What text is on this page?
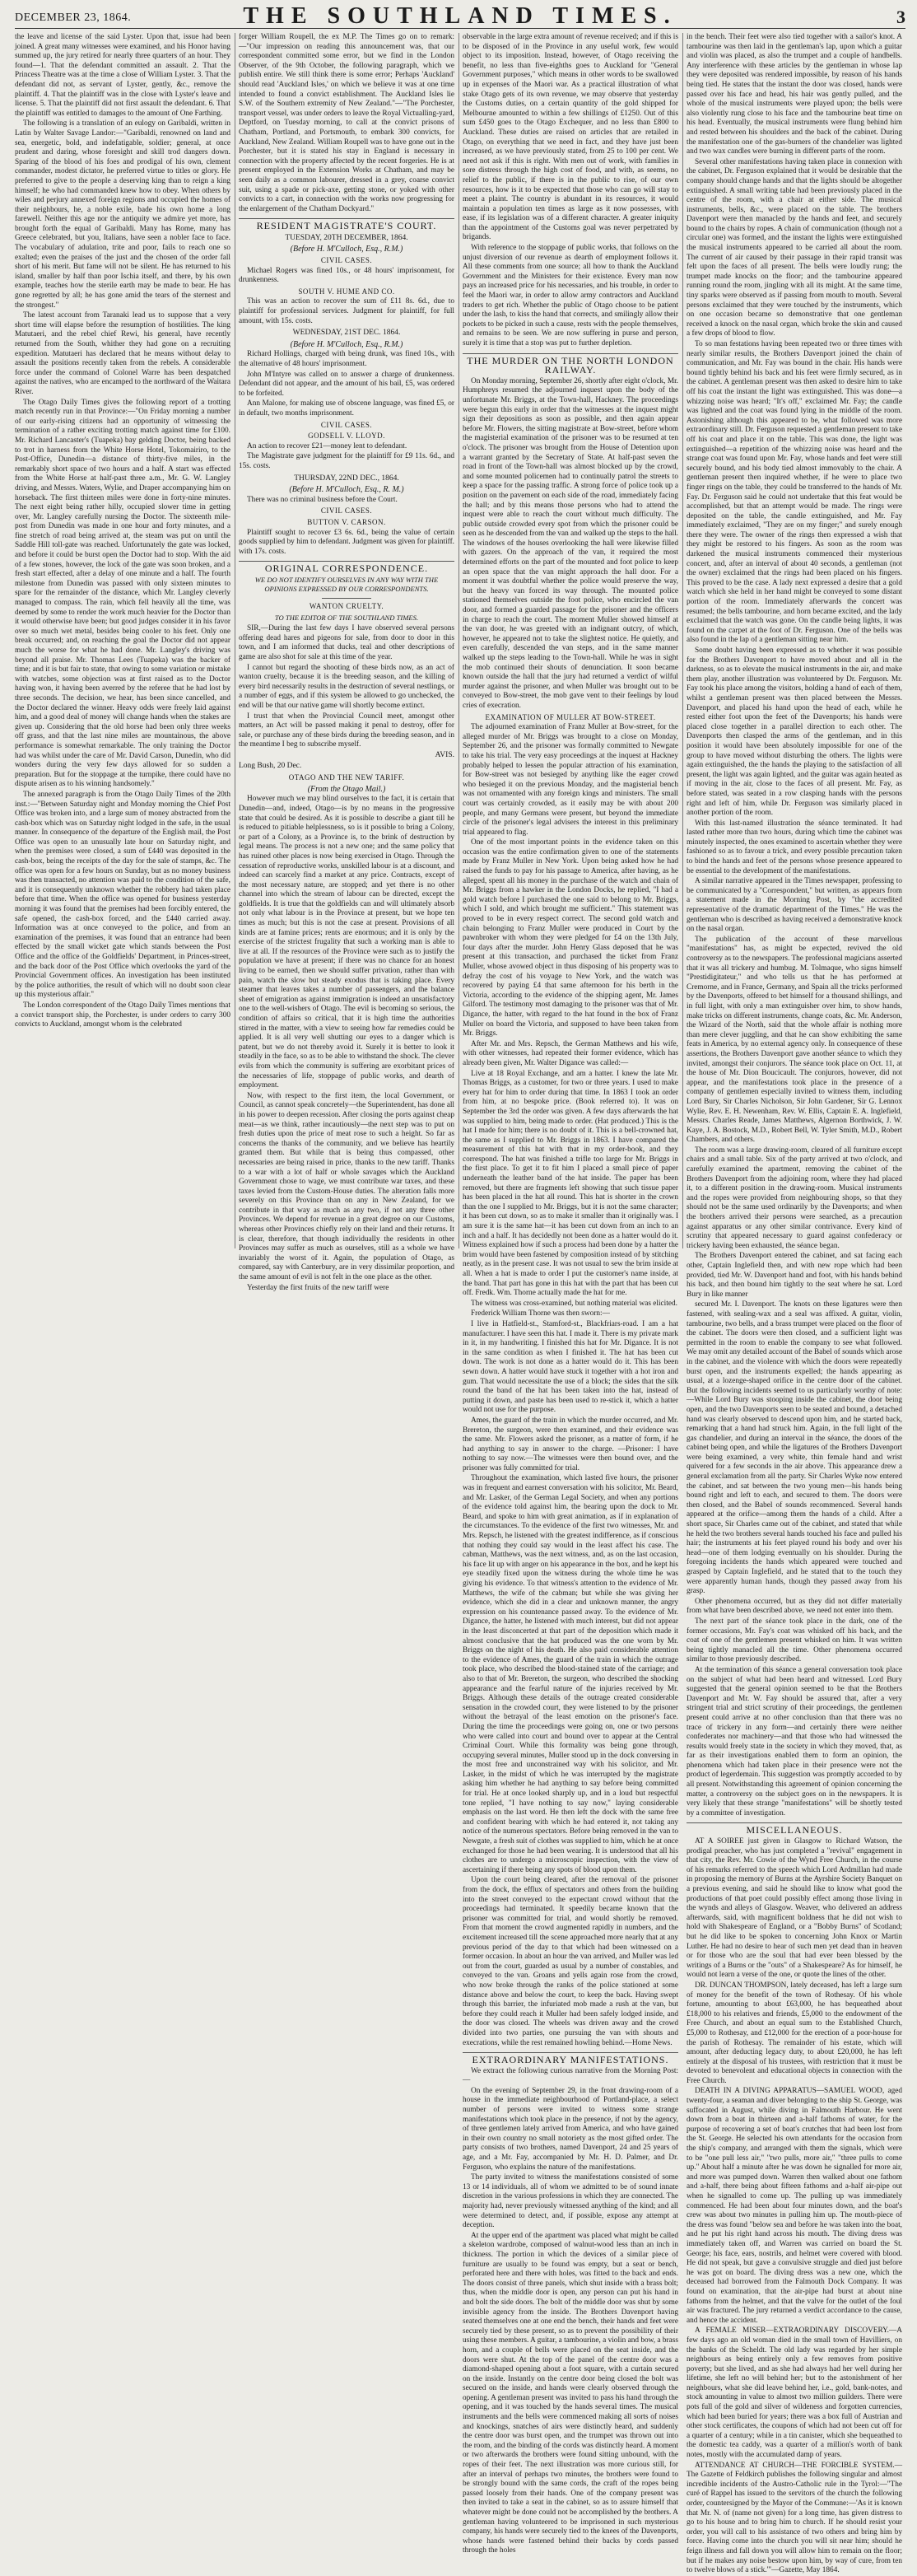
DECEMBER 23, 1864.	THE SOUTHLAND TIMES.	3

the leave and license of the said Lyster. Upon that, issue had been joined. A great many witnesses were examined, and his Honor having summed up, the jury retired for nearly three quarters of an hour. They found—1. That the defendant committed an assault. 2. That the Princess Theatre was at the time a close of William Lyster. 3. That the defendant did not, as servant of Lyster, gently, &c., remove the plaintiff. 4. That the plaintiff was in the close with Lyster's leave and license. 5. That the plaintiff did not first assault the defendant. 6. That the plaintiff was entitled to damages to the amount of One Farthing.

The following is a translation of an eulogy on Garibaldi, written in Latin by Walter Savage Landor:—"Garibaldi, renowned on land and sea, energetic, bold, and indefatigable, soldier; general, at once prudent and daring, whose foresight and skill trod dangers down. Sparing of the blood of his foes and prodigal of his own, clement commander, modest dictator, he preferred virtue to titles or glory. He preferred to give to the people a deserving king than to reign a king himself; he who had commanded knew how to obey. When others by wiles and perjury annexed foreign regions and occupied the homes of their neighbours, he, a noble exile, bade his own home a long farewell. Neither this age nor the antiquity we admire yet more, has brought forth the equal of Garibaldi. Many has Rome, many has Greece celebrated, but you, Italians, have seen a nobler face to face. The vocabulary of adulation, trite and poor, fails to reach one so exalted; even the praises of the just and the chosen of the order fall short of his merit. But fame will not be silent. He has returned to his island, smaller by half than poor Ischia itself, and there, by his own example, teaches how the sterile earth may be made to bear. He has gone regretted by all; he has gone amid the tears of the sternest and the strongest."

The latest account from Taranaki lead us to suppose that a very short time will elapse before the resumption of hostilities. The king Matutaeri, and the rebel chief Rewi, his general, have recently returned from the South, whither they had gone on a recruiting expedition. Matutaeri has declared that he means without delay to assault the positions recently taken from the rebels. A considerable force under the command of Colonel Warre has been despatched against the natives, who are encamped to the northward of the Waitara River.

The Otago Daily Times gives the following report of a trotting match recently run in that Province:—"On Friday morning a number of our early-rising citizens had an opportunity of witnessing the termination of a rather exciting trotting match against time for £100. Mr. Richard Lancaster's (Tuapeka) bay gelding Doctor, being backed to trot in harness from the White Horse Hotel, Tokomairiro, to the Post-Office, Dunedin—a distance of thirty-five miles, in the remarkably short space of two hours and a half. A start was effected from the White Horse at half-past three a.m., Mr. G. W. Langley driving, and Messrs. Waters, Wylie, and Draper accompanying him on horseback. The first thirteen miles were done in forty-nine minutes. The next eight being rather hilly, occupied slower time in getting over, Mr. Langley carefully nursing the Doctor. The sixteenth mile-post from Dunedin was made in one hour and forty minutes, and a fine stretch of road being arrived at, the steam was put on until the Saddle Hill toll-gate was reached. Unfortunately the gate was locked, and before it could be burst open the Doctor had to stop. With the aid of a few stones, however, the lock of the gate was soon broken, and a fresh start effected, after a delay of one minute and a half. The fourth milestone from Dunedin was passed with only sixteen minutes to spare for the remainder of the distance, which Mr. Langley cleverly managed to compass. The rain, which fell heavily all the time, was deemed by some to render the work much heavier for the Doctor than it would otherwise have been; but good judges consider it in his favor over so much wet metal, besides being cooler to his feet. Only one break occurred; and, on reaching the goal the Doctor did not appear much the worse for what he had done. Mr. Langley's driving was beyond all praise. Mr. Thomas Lees (Tuapeka) was the backer of time; and it is but fair to state, that owing to some variation or mistake with watches, some objection was at first raised as to the Doctor having won, it having been averred by the referee that he had lost by three seconds. The decision, we hear, has been since cancelled, and the Doctor declared the winner. Heavy odds were freely laid against him, and a good deal of money will change hands when the stakes are given up. Considering that the old horse had been only three weeks off grass, and that the last nine miles are mountainous, the above performance is somewhat remarkable. The only training the Doctor had was whilst under the care of Mr. David Carson, Dunedin, who did wonders during the very few days allowed for so sudden a preparation. But for the stoppage at the turnpike, there could have no dispute arisen as to his winning handsomely."

The annexed paragraph is from the Otago Daily Times of the 20th inst.:—"Between Saturday night and Monday morning the Chief Post Office was broken into, and a large sum of money abstracted from the cash-box which was on Saturday night lodged in the safe, in the usual manner. In consequence of the departure of the English mail, the Post Office was open to an unusually late hour on Saturday night, and when the premises were closed, a sum of £440 was deposited in the cash-box, being the receipts of the day for the sale of stamps, &c. The office was open for a few hours on Sunday, but as no money business was then transacted, no attention was paid to the condition of the safe, and it is consequently unknown whether the robbery had taken place before that time. When the office was opened for business yesterday morning it was found that the premises had been forcibly entered, the safe opened, the cash-box forced, and the £440 carried away. Information was at once conveyed to the police, and from an examination of the premises, it was found that an entrance had been effected by the small wicket gate which stands between the Post Office and the office of the Goldfields' Department, in Princes-street, and the back door of the Post Office which overlooks the yard of the Provincial Government offices. An investigation has been instituted by the police authorities, the result of which will no doubt soon clear up this mysterious affair."

The London correspondent of the Otago Daily Times mentions that a convict transport ship, the Porchester, is under orders to carry 300 convicts to Auckland, amongst whom is the celebrated

forger William Roupell, the ex M.P. The Times go on to remark:—"Our impression on reading this announcement was, that our correspondent committed some error, but we find in the London Observer, of the 9th October, the following paragraph, which we publish entire. We still think there is some error; Perhaps 'Auckland' should read 'Auckland Isles,' on which we believe it was at one time intended to found a convict establishment. The Auckland Isles lie S.W. of the Southern extremity of New Zealand."—"The Porchester, transport vessel, was under orders to leave the Royal Victualling-yard, Deptford, on Tuesday morning, to call at the convict prisons of Chatham, Portland, and Portsmouth, to embark 300 convicts, for Auckland, New Zealand. William Roupell was to have gone out in the Porchester, but it is stated his stay in England is necessary in connection with the property affected by the recent forgeries. He is at present employed in the Extension Works at Chatham, and may be seen daily as a common labourer, dressed in a grey, coarse convict suit, using a spade or pick-axe, getting stone, or yoked with other convicts to a cart, in connection with the works now progressing for the enlargement of the Chatham Dockyard."

RESIDENT MAGISTRATE'S COURT.
TUESDAY, 20TH DECEMBER, 1864.
(Before H. M'Culloch, Esq., R.M.)
CIVIL CASES.

Michael Rogers was fined 10s., or 48 hours' imprisonment, for drunkenness.

SOUTH V. HUME AND CO.

This was an action to recover the sum of £11 8s. 6d., due to plaintiff for professional services. Judgment for plaintiff, for full amount, with 15s. costs.

WEDNESDAY, 21ST DEC. 1864.
(Before H. M'Culloch, Esq., R.M.)

Richard Hollings, charged with being drunk, was fined 10s., with the alternative of 48 hours' imprisonment.

John M'Intyre was called on to answer a charge of drunkenness. Defendant did not appear, and the amount of his bail, £5, was ordered to be forfeited.

Ann Malone, for making use of obscene language, was fined £5, or in default, two months imprisonment.

CIVIL CASES.
GODSELL V. LLOYD.

An action to recover £21—money lent to defendant.

The Magistrate gave judgment for the plaintiff for £9 11s. 6d., and 15s. costs.

THURSDAY, 22ND DEC., 1864.
(Before H. M'Culloch, Esq., R. M.)

There was no criminal business before the Court.

CIVIL CASES.
BUTTON V. CARSON.

Plaintiff sought to recover £3 6s. 6d., being the value of certain goods supplied by him to defendant. Judgment was given for plaintiff. with 17s. costs.

ORIGINAL CORRESPONDENCE.
WE DO NOT IDENTIFY OURSELVES IN ANY WAY WITH THE OPINIONS EXPRESSED BY OUR CORRESPONDENTS.
WANTON CRUELTY.
TO THE EDITOR OF THE SOUTHLAND TIMES.

SIR,—During the last few days I have observed several persons offering dead hares and pigeons for sale, from door to door in this town, and I am informed that ducks, teal and other descriptions of game are also shot for sale at this time of the year.

I cannot but regard the shooting of these birds now, as an act of wanton cruelty, because it is the breeding season, and the killing of every bird necessarily results in the destruction of several nestlings, or a number of eggs, and if this system be allowed to go unchecked, the end will be that our native game will shortly become extinct.

I trust that when the Provincial Council meet, amongst other matters, an Act will be passed making it penal to destroy, offer for sale, or purchase any of these birds during the breeding season, and in the meantime I beg to subscribe myself.

AVIS.
Long Bush, 20 Dec.
OTAGO AND THE NEW TARIFF.
(From the Otago Mail.)

However much we may blind ourselves to the fact, it is certain that Dunedin—and, indeed, Otago—is by no means in the progressive state that could be desired. As it is possible to describe a giant till he is reduced to pitiable helplessness, so is it possible to bring a Colony, or part of a Colony, as a Province is, to the brink of destruction by legal means. The process is not a new one; and the same policy that has ruined other places is now being exercised in Otago. Through the cessation of reproductive works, unskilled labour is at a discount, and indeed can scarcely find a market at any price. Contracts, except of the most necessary nature, are stopped; and yet there is no other channel into which the stream of labour can be directed, except the goldfields. It is true that the goldfields can and will ultimately absorb not only what labour is in the Province at present, but we hope ten times as much; but this is not the case at present. Provisions of all kinds are at famine prices; rents are enormous; and it is only by the exercise of the strictest frugality that such a working man is able to live at all. If the resources of the Province were such as to justify the population we have at present; if there was no chance for an honest living to be earned, then we should suffer privation, rather than with pain, watch the slow but steady exodus that is taking place. Every steamer that leaves takes a number of passengers, and the balance sheet of emigration as against immigration is indeed an unsatisfactory one to the well-wishers of Otago. The evil is becoming so serious, the condition of affairs so critical, that it is high time the authorities stirred in the matter, with a view to seeing how far remedies could be applied. It is all very well shutting our eyes to a danger which is patent, but we do not thereby avoid it. Surely it is better to look it steadily in the face, so as to be able to withstand the shock. The clever evils from which the community is suffering are exorbitant prices of the necessaries of life, stoppage of public works, and dearth of employment.

Now, with respect to the first item, the local Government, or Council, as cannot speak concretely—the Superintendent, has done all in his power to deepen recession. After closing the ports against cheap meat—as we think, rather incautiously—the next step was to put on fresh duties upon the price of meat rose to such a height. So far as concerns the thanks of the community, and we believe has heartily granted them. But while that is being thus compassed, other necessaries are being raised in price, thanks to the new tariff. Thanks to a war with a lot of half or whole savages which the Auckland Government chose to wage, we must contribute war taxes, and these taxes levied from the Custom-House duties. The alteration falls more severely on this Province than on any in New Zealand, for we contribute in that way as much as any two, if not any three other Provinces. We depend for revenue in a great degree on our Customs, whereas other Provinces chiefly rely on their land and their returns. It is clear, therefore, that though individually the residents in other Provinces may suffer as much as ourselves, still as a whole we have invariably the worst of it. Again, the population of Otago, as compared, say with Canterbury, are in very dissimilar proportion, and the same amount of evil is not felt in the one place as the other.

Yesterday the first fruits of the new tariff were

observable in the large extra amount of revenue received; and if this is to be disposed of in the Province in any useful work, few would object to its imposition. Instead, however, of Otago receiving the benefit, no less than five-eighths goes to Auckland for "General Government purposes," which means in other words to be swallowed up in expenses of the Maori war. As a practical illustration of what stake Otago gets of its own revenue, we may observe that yesterday the Customs duties, on a certain quantity of the gold shipped for Melbourne amounted to within a few shillings of £1250. Out of this sum £450 goes to the Otago Exchequer, and no less than £800 to Auckland. These duties are raised on articles that are retailed in Otago, on everything that we need in fact, and they have just been increased, as we have previously stated, from 25 to 100 per cent. We need not ask if this is right. With men out of work, with families in sore distress through the high cost of food, and with, as seems, no relief to the public, if there is in the public to rise, of our own resources, how is it to be expected that those who can go will stay to meet a plaint. The country is abundant in its resources, it would maintain a population ten times as large as it now possesses, with ease, if its legislation was of a different character. A greater iniquity than the appointment of the Customs goal was never perpetrated by brigands.

With reference to the stoppage of public works, that follows on the unjust diversion of our revenue as dearth of employment follows it. All these comments from one source; all how to thank the Auckland Government and the Ministers for their existence. Every man now pays an increased price for his necessaries, and his trouble, in order to feel the Maori war, in order to allow army contractors and Auckland traders to get rich. Whether the public of Otago choose to be patient under the lash, to kiss the hand that corrects, and smilingly allow their pockets to be picked in such a cause, rests with the people themselves, and remains to be seen. We are now suffering in purse and person, surely it is time that a stop was put to further depletion.

THE MURDER ON THE NORTH LONDON RAILWAY.

On Monday morning, September 26, shortly after eight o'clock, Mr. Humphreys resumed the adjourned inquest upon the body of the unfortunate Mr. Briggs, at the Town-hall, Hackney. The proceedings were begun this early in order that the witnesses at the inquest might sign their depositions as soon as possible, and then again appear before Mr. Flowers, the sitting magistrate at Bow-street, before whom the magisterial examination of the prisoner was to be resumed at ten o'clock. The prisoner was brought from the House of Detention upon a warrant granted by the Secretary of State. At half-past seven the road in front of the Town-hall was almost blocked up by the crowd, and some mounted policemen had to continually patrol the streets to keep a space for the passing traffic. A strong force of police took up a position on the pavement on each side of the road, immediately facing the hall; and by this means those persons who had to attend the inquest were able to reach the court without much difficulty. The public outside crowded every spot from which the prisoner could be seen as he descended from the van and walked up the steps to the hall. The windows of the houses overlooking the hall were likewise filled with gazers. On the approach of the van, it required the most determined efforts on the part of the mounted and foot police to keep an open space that the van might approach the hall door. For a moment it was doubtful whether the police would preserve the way, but the heavy van forced its way through. The mounted police stationed themselves outside the foot police, who encircled the van door, and formed a guarded passage for the prisoner and the officers in charge to reach the court. The moment Muller showed himself at the van door, he was greeted with an indignant outcry, of which, however, he appeared not to take the slightest notice. He quietly, and even carefully, descended the van steps, and in the same manner walked up the steps leading to the Town-hall. While he was in sight the mob continued their shouts of denunciation. It soon became known outside the hall that the jury had returned a verdict of wilful murder against the prisoner, and when Muller was brought out to be conveyed to Bow-street, the mob gave vent to their feelings by loud cries of execration.

EXAMINATION OF MULLER AT BOW-STREET.

The adjourned examination of Franz Muller at Bow-street, for the alleged murder of Mr. Briggs was brought to a close on Monday, September 26, and the prisoner was formally committed to Newgate to take his trial. The very easy proceedings at the inquest at Hackney probably helped to lessen the popular attraction of his examination, for Bow-street was not besieged by anything like the eager crowd who besieged it on the previous Monday, and the magisterial bench was not ornamented with any foreign kings and ministers. The small court was certainly crowded, as it easily may be with about 200 people, and many Germans were present, but beyond the immediate circle of the prisoner's legal advisers the interest in this preliminary trial appeared to flag.

One of the most important points in the evidence taken on this occasion was the entire confirmation given to one of the statements made by Franz Muller in New York. Upon being asked how he had raised the funds to pay for his passage to America, after having, as he alleged, spent all his money in the purchase of the watch and chain of Mr. Briggs from a hawker in the London Docks, he replied, "I had a gold watch before I purchased the one said to belong to Mr. Briggs, which I sold, and which brought me sufficient." This statement was proved to be in every respect correct. The second gold watch and chain belonging to Franz Muller were produced in Court by the pawnbroker with whom they were pledged for £4 on the 13th July, four days after the murder. John Henry Glass deposed that he was present at this transaction, and purchased the ticket from Franz Muller, whose avowed object in thus disposing of his property was to defray the cost of his voyage to New York, and the watch was recovered by paying £4 that same afternoon for his berth in the Victoria, according to the evidence of the shipping agent, Mr. James Gilford. The testimony most damaging to the prisoner was that of Mr. Digance, the hatter, with regard to the hat found in the box of Franz Muller on board the Victoria, and supposed to have been taken from Mr. Briggs.

After Mr. and Mrs. Repsch, the German Matthews and his wife, with other witnesses, had repeated their former evidence, which has already been given, Mr. Walter Digance was called:—

Live at 18 Royal Exchange, and am a hatter. I knew the late Mr. Thomas Briggs, as a customer, for two or three years. I used to make every hat for him to order during that time. In 1863 I took an order from him, at no bespoke price. (Book referred to). It was on September the 3rd the order was given. A few days afterwards the hat was supplied to him, being made to order. (Hat produced.) This is the hat I made for him; there is no doubt of it. This is a bell-crowned hat, the same as I supplied to Mr. Briggs in 1863. I have compared the measurement of this hat with that in my order-book, and they correspond. The hat was finished a trifle too large for Mr. Briggs in the first place. To get it to fit him I placed a small piece of paper underneath the leather band of the hat inside. The paper has been removed, but there are fragments left showing that such tissue paper has been placed in the hat all round. This hat is shorter in the crown than the one I supplied to Mr. Briggs, but it is not the same character; it has been cut down, so as to make it smaller than it originally was. I am sure it is the same hat—it has been cut down from an inch to an inch and a half. It has decidedly not been done as a hatter would do it. Witness explained how if such a process had been done by a hatter the brim would have been fastened by composition instead of by stitching neatly, as in the present case. It was not usual to sew the brim inside at all. When a hat is made to order I put the customer's name inside, at the band. That part has gone in this hat with the part that has been cut off. Fredk. Wm. Thorne actually made the hat for me.

The witness was cross-examined, but nothing material was elicited.

Frederick William Thorne was then sworn:—

I live in Hatfield-st., Stamford-st., Blackfriars-road. I am a hat manufacturer. I have seen this hat. I made it. There is my private mark in it, in my handwriting. I finished this hat for Mr. Digance. It is not in the same condition as when I finished it. The hat has been cut down. The work is not done as a hatter would do it. This has been sewn down. A hatter would have stuck it together with a hot iron and gum. That would necessitate the use of a block; the sides that the silk round the band of the hat has been taken into the hat, instead of putting it down, and paste has been used to re-stick it, which a hatter would not use for the purpose.

Ames, the guard of the train in which the murder occurred, and Mr. Brereton, the surgeon, were then examined, and their evidence was the same. Mr. Flowers asked the prisoner, as a matter of form, if he had anything to say in answer to the charge. —Prisoner: I have nothing to say now.—The witnesses were then bound over, and the prisoner was fully committed for trial.

Throughout the examination, which lasted five hours, the prisoner was in frequent and earnest conversation with his solicitor, Mr. Beard, and Mr. Lasker, of the German Legal Society, and when any portions of the evidence told against him, the bearing upon the dock to Mr. Beard, and spoke to him with great animation, as if in explanation of the circumstances. To the evidence of the first two witnesses, Mr. and Mrs. Repsch, he listened with the greatest indifference, as if conscious that nothing they could say would in the least affect his case. The cabman, Matthews, was the next witness, and, as on the last occasion, his face lit up with anger on his appearance in the box, and he kept his eye steadily fixed upon the witness during the whole time he was giving his evidence. To that witness's attention to the evidence of Mr. Matthews, the wife of the cabman; but while she was giving her evidence, which she did in a clear and unknown manner, the angry expression on his countenance passed away. To the evidence of Mr. Digance, the hatter, he listened with much interest, but did not appear in the least disconcerted at that part of the deposition which made it almost conclusive that the hat produced was the one worn by Mr. Briggs on the night of his death. He also paid considerable attention to the evidence of Ames, the guard of the train in which the outrage took place, who described the blood-stained state of the carriage; and also to that of Mr. Brereton, the surgeon, who described the shocking appearance and the fearful nature of the injuries received by Mr. Briggs. Although these details of the outrage created considerable sensation in the crowded court, they were listened to by the prisoner without the betrayal of the least emotion on the prisoner's face. During the time the proceedings were going on, one or two persons who were called into court and bound over to appear at the Central Criminal Court. While this formality was being gone through, occupying several minutes, Muller stood up in the dock conversing in the most free and unconstrained way with his solicitor, and Mr. Lasker, in the midst of which he was interrupted by the magistrate asking him whether he had anything to say before being committed for trial. He at once looked sharply up, and in a loud but respectful tone replied, "I have nothing to say now," laying considerable emphasis on the last word. He then left the dock with the same free and confident bearing with which he had entered it, not taking any notice of the numerous spectators. Before being removed in the van to Newgate, a fresh suit of clothes was supplied to him, which he at once exchanged for those he had been wearing. It is understood that all his clothes are to undergo a microscopic inspection, with the view of ascertaining if there being any spots of blood upon them.

Upon the court being cleared, after the removal of the prisoner from the dock, the efflux of spectators and others from the building into the street conveyed to the expectant crowd without that the proceedings had terminated. It speedily became known that the prisoner was committed for trial, and would shortly be removed. From that moment the crowd augmented rapidly in numbers, and the excitement increased till the scene approached more nearly that at any previous period of the day to that which had been witnessed on a former occasion. In about an hour the van arrived, and Muller was led out from the court, guarded as usual by a number of constables, and conveyed to the van. Groans and yells again rose from the crowd, who now broke through the ranks of the police stationed at some distance above and below the court, to keep the back. Having swept through this barrier, the infuriated mob made a rush at the van, but before they could reach it Muller had been safely lodged inside, and the door was closed. The wheels was driven away and the crowd divided into two parties, one pursuing the van with shouts and execrations, while the rest remained howling behind.—Home News.

EXTRAORDINARY MANIFESTATIONS.

We extract the following curious narrative from the Morning Post:—

On the evening of September 29, in the front drawing-room of a house in the immediate neighbourhood of Portland-place, a select number of persons were invited to witness some strange manifestations which took place in the presence, if not by the agency, of three gentlemen lately arrived from America, and who have gained in their own country no small notoriety as the most gifted order. The party consists of two brothers, named Davenport, 24 and 25 years of age, and a Mr. Fay, accompanied by Mr. H. D. Palmer, and Dr. Ferguson, who explains the nature of the manifestations.

The party invited to witness the manifestations consisted of some 13 or 14 individuals, all of whom we admitted to be of sound innate discretion in the various professions in which they are connected. The majority had, never previously witnessed anything of the kind; and all were determined to detect, and, if possible, expose any attempt at deception.

At the upper end of the apartment was placed what might be called a skeleton wardrobe, composed of walnut-wood less than an inch in thickness. The portion in which the devices of a similar piece of furniture are usually to be found was empty, but a seat or bench, perforated here and there with holes, was fitted to the back and ends. The doors consist of three panels, which shut inside with a brass bolt; thus, when the middle door is open, any person can put his hand in and bolt the side doors. The bolt of the middle door was shut by some invisible agency from the inside. The Brothers Davenport having seated themselves one at one end the bench, their hands and feet were securely tied by these present, so as to prevent the possibility of their using these members. A guitar, a tambourine, a violin and bow, a brass horn, and a couple of bells were placed on the seat inside, and the doors were shut. At the top of the panel of the centre door was a diamond-shaped opening about a foot square, with a curtain secured on the inside. Instantly on the centre door being closed the bolt was secured on the inside, and hands were clearly observed through the opening. A gentleman present was invited to pass his hand through the opening, and it was touched by the hands several times. The musical instruments and the bells were commenced making all sorts of noises and knockings, snatches of airs were distinctly heard, and suddenly the centre door was burst open, and the trumpet was thrown out into the room, and the binding of the cords was distinctly heard. A moment or two afterwards the brothers were found sitting unbound, with the ropes of their feet. The next illustration was more curious still, for after an interval of perhaps two minutes, the brothers were found to be strongly bound with the same cords, the craft of the ropes being passed loosely from their hands. One of the company present was then invited to take a seat in the cabinet, so as to assure himself that whatever might be done could not be accomplished by the brothers. A gentleman having volunteered to be imprisoned in such mysterious company, his hands were securely tied to the knees of the Davenports, whose hands were fastened behind their backs by cords passed through the holes

in the bench. Their feet were also tied together with a sailor's knot. A tambourine was then laid in the gentleman's lap, upon which a guitar and violin was placed, as also the trumpet and a couple of handbells. Any interference with these articles by the gentleman in whose lap they were deposited was rendered impossible, by reason of his hands being tied. He states that the instant the door was closed, hands were passed over his face and head, his hair was gently pulled, and the whole of the musical instruments were played upon; the bells were also violently rung close to his face and the tambourine beat time on his head. Eventually, the musical instruments were flung behind him and rested between his shoulders and the back of the cabinet. During the manifestation one of the gas-burners of the chandelier was lighted and two wax candles were burning in different parts of the room.

Several other manifestations having taken place in connexion with the cabinet, Dr. Ferguson explained that it would be desirable that the company should change hands and that the lights should be altogether extinguished. A small writing table had been previously placed in the centre of the room, with a chair at either side. The musical instruments, bells, &c., were placed on the table. The brothers Davenport were then manacled by the hands and feet, and securely bound to the chairs by ropes. A chain of communication (though not a circular one) was formed, and the instant the lights were extinguished the musical instruments appeared to be carried all about the room. The current of air caused by their passage in their rapid transit was felt upon the faces of all present. The bells were loudly rung; the trumpet made knocks on the floor; and the tambourine appeared running round the room, jingling with all its might. At the same time, tiny sparks were observed as if passing from mouth to mouth. Several persons exclaimed that they were touched by the instruments, which on one occasion became so demonstrative that one gentleman received a knock on the nasal organ, which broke the skin and caused a few drops of blood to flow.

To so man festations having been repeated two or three times with nearly similar results, the Brothers Davenport joined the chain of communication, and Mr. Fay was bound in the chair. His hands were bound tightly behind his back and his feet were firmly secured, as in the cabinet. A gentleman present was then asked to desire him to take off his coat the instant the light was extinguished. This was done—a whizzing noise was heard; "It's off," exclaimed Mr. Fay; the candle was lighted and the coat was found lying in the middle of the room. Astonishing although this appeared to be, what followed was more extraordinary still. Dr. Ferguson requested a gentleman present to take off his coat and place it on the table. This was done, the light was extinguished—a repetition of the whizzing noise was heard and the strange coat was found upon Mr. Fay, whose hands and feet were still securely bound, and his body tied almost immovably to the chair. A gentleman present then inquired whether, if he were to place two finger rings on the table, they could be transferred to the hands of Mr. Fay. Dr. Ferguson said he could not undertake that this feat would be accomplished, but that an attempt would be made. The rings were deposited on the table, the candle extinguished, and Mr. Fay immediately exclaimed, "They are on my finger;" and surely enough there they were. The owner of the rings then expressed a wish that they might be restored to his fingers. As soon as the room was darkened the musical instruments commenced their mysterious concert, and, after an interval of about 40 seconds, a gentleman (not the owner) exclaimed that the rings had been placed on his fingers. This proved to be the case. A lady next expressed a desire that a gold watch which she held in her hand might be conveyed to some distant portion of the room. Immediately afterwards the concert was resumed; the bells tambourine, and horn became excited, and the lady exclaimed that the watch was gone. On the candle being lights, it was found on the carpet at the foot of Dr. Ferguson. One of the bells was also found in the lap of a gentleman sitting near him.

Some doubt having been expressed as to whether it was possible for the Brothers Davenport to have moved about and all in the darkness, so as to elevate the musical instruments in the air, and make them play, another illustration was volunteered by Dr. Ferguson. Mr. Fay took his place among the visitors, holding a hand of each of them, whilst a gentleman present was then placed between the Messrs. Davenport, and placed his hand upon the head of each, while he rested either foot upon the feet of the Davenports; his hands were placed close together in a parallel direction to each other. The Davenports then clasped the arms of the gentleman, and in this position it would have been absolutely impossible for one of the group to have moved without disturbing the others. The lights were again extinguished, the the hands the playing to the satisfaction of all present, the light was again lighted, and the guitar was again heated as if moving in the air, close to the faces of all present. Mr. Fay, as before stated, was seated in a row clasping hands with the persons right and left of him, while Dr. Ferguson was similarly placed in another portion of the room.

With this last-named illustration the séance terminated. It had lasted rather more than two hours, during which time the cabinet was minutely inspected, the ones examined to ascertain whether they were fashioned so as to favour a trick, and every possible precaution taken to bind the hands and feet of the persons whose presence appeared to be essential to the development of the manifestations.

A similar narrative appeared in the Times newspaper, professing to be communicated by a "Correspondent," but written, as appears from a statement made in the Morning Post, by "the accredited representative of the dramatic department of the Times." He was the gentleman who is described as having received a demonstrative knock on the nasal organ.

The publication of the account of these marvellous "manifestations" has, as might be expected, revived the old controversy as to the newspapers. The professional magicians asserted that it was all trickery and humbug. M. Tolmaque, who signs himself "Prestidigitateur," and who tells us that he has performed at Cremorne, and in France, Germany, and Spain all the tricks performed by the Davenports, offered to bet himself for a thousand shillings, and in full light, with only a man extinguisher over him, to show hands, make tricks on different instruments, change coats, &c. Mr. Anderson, the Wizard of the North, said that the whole affair is nothing more than mere clever juggling, and that he can show exhibiting the same feats in America, by no external agency only. In consequence of these assertions, the Brothers Davenport gave another séance to which they invited, amongst their conjurors. The séance took place on Oct. 11, at the house of Mr. Dion Boucicault. The conjurors, however, did not appear, and the manifestations took place in the presence of a company of gentlemen especially invited to witness them, including Lord Bury, Sir Charles Nicholson, Sir John Gardener, Sir G. Lennox Wylie, Rev. E. H. Newenham, Rev. W. Ellis, Captain E. A. Inglefield, Messrs. Charles Reade, James Matthews, Algernon Borthwick, J. W. Kaye, J. A. Bostock, M.D., Robert Bell, W. Tyler Smith, M.D., Robert Chambers, and others.

The room was a large drawing-room, cleared of all furniture except chairs and a small table. Six of the party arrived at two o'clock, and carefully examined the apartment, removing the cabinet of the Brothers Davenport from the adjoining room, where they had placed it, to a different position in the drawing-room. Musical instruments and the ropes were provided from neighbouring shops, so that they should not be the same used ordinarily by the Davenports; and when the brothers arrived their persons were searched, as a precaution against apparatus or any other similar contrivance. Every kind of scrutiny that appeared necessary to guard against confederacy or trickery having been exhausted, the séance began.

The Brothers Davenport entered the cabinet, and sat facing each other, Captain Inglefield then, and with new rope which had been provided, tied Mr. W. Davenport hand and foot, with his hands behind his back, and then bound him tightly to the seat where he sat. Lord Bury in like manner

secured Mr. I. Davenport. The knots on these ligatures were then fastened, with sealing-wax and a seal was affixed. A guitar, violin, tambourine, two bells, and a brass trumpet were placed on the floor of the cabinet. The doors were then closed, and a sufficient light was permitted in the room to enable the company to see what followed. We may omit any detailed account of the Babel of sounds which arose in the cabinet, and the violence with which the doors were repeatedly burst open, and the instruments expelled; the hands appearing as usual, at a lozenge-shaped orifice in the centre door of the cabinet. But the following incidents seemed to us particularly worthy of note:—While Lord Bury was stooping inside the cabinet, the door being open, and the two Davenports seen to be seated and bound, a detached hand was clearly observed to descend upon him, and he started back, remarking that a hand had struck him. Again, in the full light of the gas chandelier, and during an interval in the séance, the doors of the cabinet being open, and while the ligatures of the Brothers Davenport were being examined, a very white, thin female hand and wrist quivered for a few seconds in the air above. This appearance drew a general exclamation from all the party. Sir Charles Wyke now entered the cabinet, and sat between the two young men—his hands being bound right and left to each, and secured to them. The doors were then closed, and the Babel of sounds recommenced. Several hands appeared at the orifice—among them the hands of a child. After a short space, Sir Charles came out of the cabinet, and stated that while he held the two brothers several hands touched his face and pulled his hair; the instruments at his feet played round his body and over his head—one of them lodging eventually on his shoulder. During the foregoing incidents the hands which appeared were touched and grasped by Captain Inglefield, and he stated that to the touch they were apparently human hands, though they passed away from his grasp.

Other phenomena occurred, but as they did not differ materially from what have been described above, we need not enter into them.

The next part of the séance took place in the dark, one of the former occasions, Mr. Fay's coat was whisked off his back, and the coat of one of the gentlemen present whisked on him. It was written being tightly manacled all the time. Other phenomena occurred similar to those previously described.

At the termination of this séance a general conversation took place on the subject of what had been heard and witnessed. Lord Bury suggested that the general opinion seemed to be that the Brothers Davenport and Mr. W. Fay should be assured that, after a very stringent trial and strict scrutiny of their proceedings, the gentlemen present could arrive at no other conclusion than that there was no trace of trickery in any form—and certainly there were neither confederates nor machinery—and that those who had witnessed the results would freely state in the society in which they moved, that, as far as their investigations enabled them to form an opinion, the phenomena which had taken place in their presence were not the product of legerdemain. This suggestion was promptly accorded to by all present. Notwithstanding this agreement of opinion concerning the matter, a controversy on the subject goes on in the newspapers. It is very likely that these strange "manifestations" will be shortly tested by a committee of investigation.

MISCELLANEOUS.

AT A SOIREE just given in Glasgow to Richard Watson, the prodigal preacher, who has just completed a "revival" engagement in that city, the Rev. Mr. Cowie of the Wynd Free Church, in the course of his remarks referred to the speech which Lord Ardmillan had made in proposing the memory of Burns at the Ayrshire Society Banquet on a previous evening, and said he should like to know what good the productions of that poet could possibly effect among those living in the wynds and alleys of Glasgow. Weaver, who delivered an address afterwards, said, with magnificent boldness that he did not wish to hold with Shakespeare of England, or a "Bobby Burns" of Scotland; but he did like to be spoken to concerning John Knox or Martin Luther. He had no desire to hear of such men yet dead than in heaven or for those who are the soul that had ever been blessed by the writings of a Burns or the "outs" of a Shakespeare? As for himself, he would not learn a verse of the one, or quote the lines of the other.

DR. DUNCAN THOMPSON, lately deceased, has left a large sum of money for the benefit of the town of Rothesay. Of his whole fortune, amounting to about £63,000, he has bequeathed about £18,000 to his relatives and friends, £5,000 to the endowment of the Free Church, and about an equal sum to the Established Church, £5,000 to Rothesay, and £12,000 for the erection of a poor-house for the parish of Rothesay. The remainder of his estate, which will amount, after deducting legacy duty, to about £20,000, he has left entirely at the disposal of his trustees, with restriction that it must be devoted to benevolent and educational objects in connection with the Free Church.

DEATH IN A DIVING APPARATUS—SAMUEL WOOD, aged twenty-four, a seaman and diver belonging to the ship St. George, was suffocated in August, while diving in Falmouth Harbour. He went down from a boat in thirteen and a-half fathoms of water, for the purpose of recovering a set of boat's crutches that had been lost from the St. George. He selected his own attendants for the occasion from the ship's company, and arranged with them the signals, which were to be "one pull less air," "two pulls, more air," "three pulls to come up." About half a minute after he was down he signalled for more air, and more was pumped down. Warren then walked about one fathom and a-half, there being about fifteen fathoms and a-half air-pipe out when he signalled to come up. The pulling up was immediately commenced. He had been about four minutes down, and the boat's crew was about two minutes in pulling him up. The mouth-piece of the dress was found "below sea and before he was taken into the boat, and he put his right hand across his mouth. The diving dress was immediately taken off, and Warren was carried on board the St. George; his face, ears, nostrils, and helmet were covered with blood. He did not speak, but gave a convulsive struggle and died just before he was got on board. The diving dress was a new one, which the deceased had borrowed from the Falmouth Dock Company. It was found on examination, that the air-pipe had burst at about nine fathoms from the helmet, and that the valve for the outlet of the foul air was fractured. The jury returned a verdict accordance to the cause, and hence the accident.

A FEMALE MISER—EXTRAORDINARY DISCOVERY.—A few days ago an old woman died in the small town of Havilliers, on the banks of the Scheldt. The old lady was regarded by her simple neighbours as being entirely only a few removes from positive poverty; but she lived, and as she had always had her well during her lifetime, she left no will behind her; but to the astonishment of her neighbours, what she did leave behind her, i.e., gold, bank-notes, and stock amounting in value to almost two million guilders. There were pots full of the gold and silver of wildeness and forgotten currencies, which had been buried for years; there was a box full of Austrian and other stock certificates, the coupons of which had not been cut off for a quarter of a century; while in a tin canister, which she bequeathed to the domestic tea caddy, was a quarter of a million's worth of bank notes, mostly with the accumulated damp of years.

ATTENDANCE AT CHURCH—THE FORCIBLE SYSTEM.—The Gazette of Feldkirch publishes the following singular and almost incredible incidents of the Austro-Catholic rule in the Tyrol:—"The curé of Rappel has issued to the servitors of the church the following order, countersigned by the Mayor of the Commune:—'As it is known that Mr. N. of (name not given) for a long time, has given distress to go to his house and to bring him to church. If he should resist your order, you will call to his assistance of two others and bring him by force. Having come into the church you will sit near him; should he feign illness and fall down you will allow him to remain on the floor; but if he makes any noise bestow upon him, by way of cure, from ten to twelve blows of a stick.'"—Gazette, May 1864.
